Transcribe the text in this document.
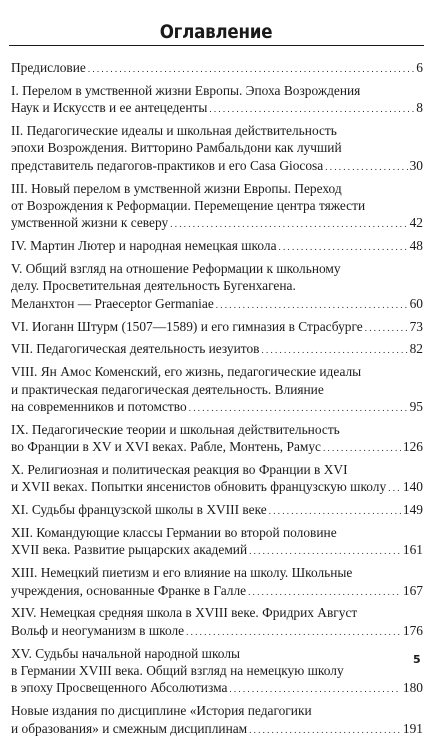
Оглавление
Предисловие . . .	6
I. Перелом в умственной жизни Европы. Эпоха Возрождения
Наук и Искусств и ее антецеденты . . .	8
II. Педагогические идеалы и школьная действительность
эпохи Возрождения. Витторино Рамбальдони как лучший
представитель педагогов-практиков и его Casa Giocosa . . .	30
III. Новый перелом в умственной жизни Европы. Переход
от Возрождения к Реформации. Перемещение центра тяжести
умственной жизни к северу . . .	42
IV. Мартин Лютер и народная немецкая школа . . .	48
V. Общий взгляд на отношение Реформации к школьному
делу. Просветительная деятельность Бугенхагена.
Меланхтон — Praeceptor Germaniae . . .	60
VI. Иоганн Штурм (1507—1589) и его гимназия в Страсбурге . . .	73
VII. Педагогическая деятельность иезуитов . . .	82
VIII. Ян Амос Коменский, его жизнь, педагогические идеалы
и практическая педагогическая деятельность. Влияние
на современников и потомство . . .	95
IX. Педагогические теории и школьная действительность
во Франции в XV и XVI веках. Рабле, Монтень, Рамус . . .	126
X. Религиозная и политическая реакция во Франции в XVI
и XVII веках. Попытки янсенистов обновить французскую школу . . . 140
XI. Судьбы французской школы в XVIII веке . . .	149
XII. Командующие классы Германии во второй половине
XVII века. Развитие рыцарских академий . . .	161
XIII. Немецкий пиетизм и его влияние на школу. Школьные
учреждения, основанные Франке в Галле . . .	167
XIV. Немецкая средняя школа в XVIII веке. Фридрих Август
Вольф и неогуманизм в школе . . .	176
XV. Судьбы начальной народной школы
в Германии XVIII века. Общий взгляд на немецкую школу
в эпоху Просвещенного Абсолютизма . . .	180
Новые издания по дисциплине «История педагогики
и образования» и смежным дисциплинам . . .	191
5
